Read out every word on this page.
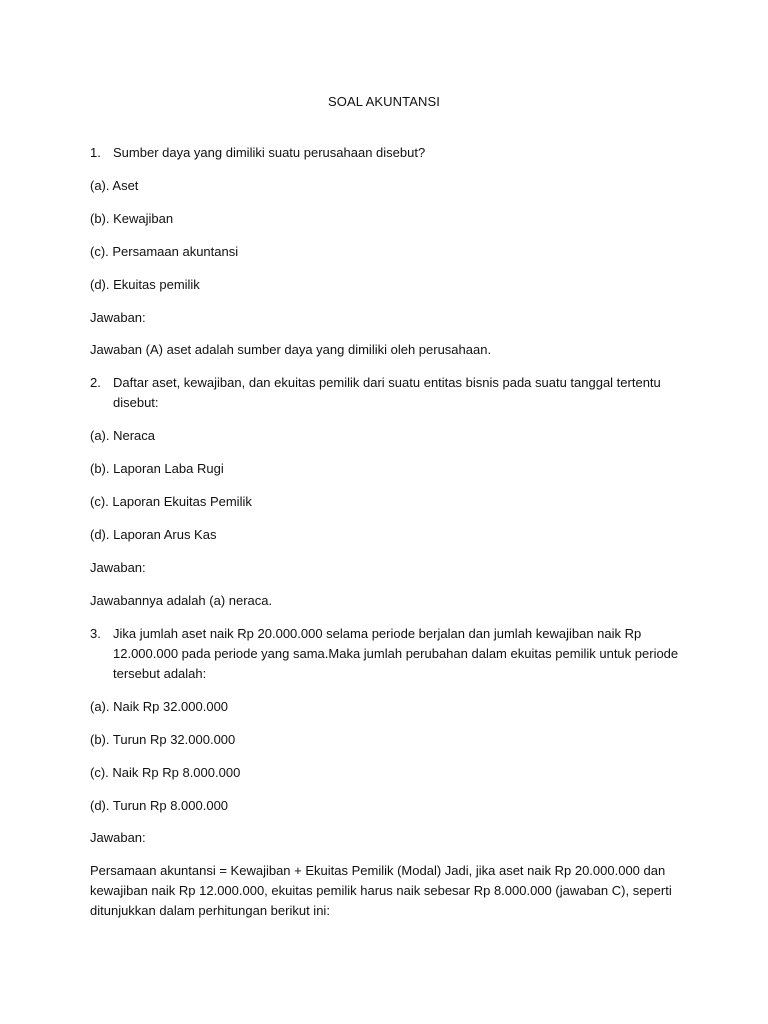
SOAL AKUNTANSI
1. Sumber daya yang dimiliki suatu perusahaan disebut?
(a). Aset
(b). Kewajiban
(c). Persamaan akuntansi
(d). Ekuitas pemilik
Jawaban:
Jawaban (A) aset adalah sumber daya yang dimiliki oleh perusahaan.
2. Daftar aset, kewajiban, dan ekuitas pemilik dari suatu entitas bisnis pada suatu tanggal tertentu disebut:
(a). Neraca
(b). Laporan Laba Rugi
(c). Laporan Ekuitas Pemilik
(d). Laporan Arus Kas
Jawaban:
Jawabannya adalah (a) neraca.
3. Jika jumlah aset naik Rp 20.000.000 selama periode berjalan dan jumlah kewajiban naik Rp 12.000.000 pada periode yang sama.Maka jumlah perubahan dalam ekuitas pemilik untuk periode tersebut adalah:
(a). Naik Rp 32.000.000
(b). Turun Rp 32.000.000
(c). Naik Rp Rp 8.000.000
(d). Turun Rp 8.000.000
Jawaban:
Persamaan akuntansi = Kewajiban + Ekuitas Pemilik (Modal) Jadi, jika aset naik Rp 20.000.000 dan kewajiban naik Rp 12.000.000, ekuitas pemilik harus naik sebesar Rp 8.000.000 (jawaban C), seperti ditunjukkan dalam perhitungan berikut ini:
